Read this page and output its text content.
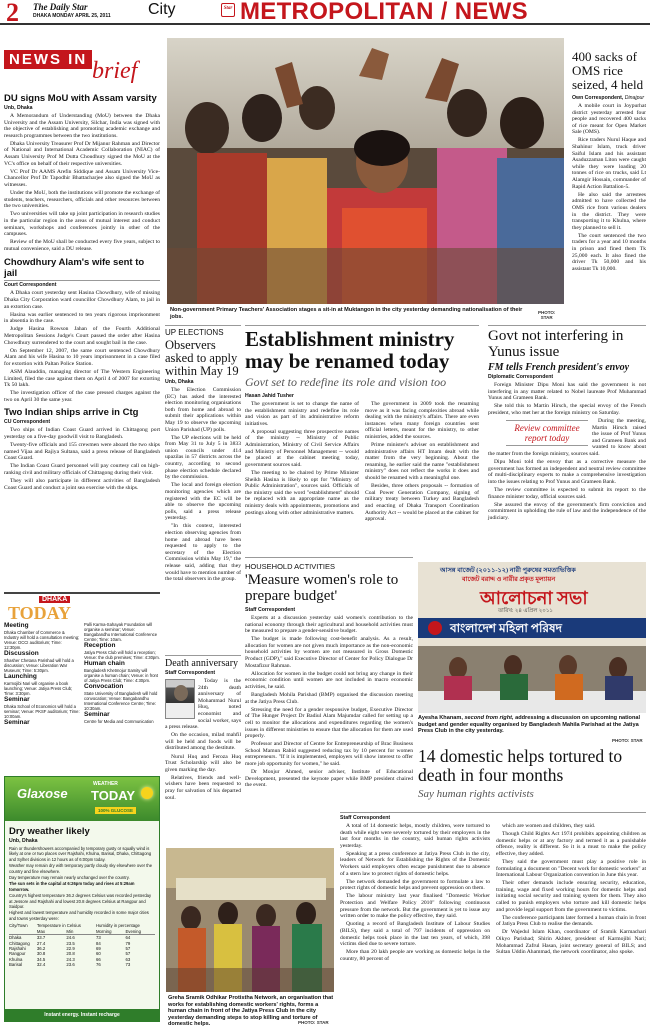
2 The Daily Star
DHAKA MONDAY APRIL 25, 2011 City	Star METROPOLITAN / NEWS
NEWS IN brief
DU signs MoU with Assam varsity
Unb, Dhaka

A Memorandum of Understanding (MoU) between the Dhaka University and the Assam University, Silchar, India was signed with the objective of establishing and promoting academic exchange and research programmes between the two institutions.

Dhaka University Treasurer Prof Dr Mijanur Rahman and Director of National and International Academic Collaboration (NIAC) of Assam University Prof M Dutta Choudhury signed the MoU at the VC's office on behalf of their respective universities.

VC Prof Dr AAMS Arefin Siddique and Assam University Vice-Chancellor Prof Dr Tapodhir Bhattacharjee also signed the MoU as witnesses.

Under the MoU, both the institutions will promote the exchange of students, teachers, researchers, officials and other resources between the two universities.

Two universities will take up joint participation in research studies in the particular region in the areas of mutual interest and conduct seminars, workshops and conferences jointly in other of the campuses.

Review of the MoU shall be conducted every five years, subject to mutual convenience, said a DU release.

Chowdhury Alam's wife sent to jail
Court Correspondent

A Dhaka court yesterday sent Hasina Chowdhury, wife of missing Dhaka City Corporation ward councillor Chowdhury Alam, to jail in an extortion case.

Hasina was earlier sentenced to ten years rigorous imprisonment in absentia in the case.

Judge Hasina Rowson Jahan of the Fourth Additional Metropolitan Sessions Judge's Court passed the order after Hasina Chowdhury surrendered to the court and sought bail in the case.

On September 12, 2007, the same court sentenced Chowdhury Alam and his wife Hasina to 10 years imprisonment in a case filed for extortion with Paltan Police Station.

ASM Alauddin, managing director of The Western Engineering Limited, filed the case against them on April 4 of 2007 for extorting Tk 50 lakh.

The investigation officer of the case pressed charges against the two on April 30 the same year.

Two Indian ships arrive in Ctg
CU Correspondent

Two ships of Indian Coast Guard arrived in Chittagong port yesterday on a five-day goodwill visit to Bangladesh.

Twenty-five officials and 155 crewmen were aboard the two ships named Vijaa and Rajiya Sultana, said a press release of Bangladesh Coast Guard.

The Indian Coast Guard personnel will pay courtesy call on high-ranking civil and military officials of Chittagong during their visit.

They will also participate in different activities of Bangladesh Coast Guard and conduct a joint sea exercise with the ships.

DHAKA
TODAY
Meeting
Dhaka Chamber of Commerce & Industry will hold a consultation meeting; Venue: DCCI auditorium; Time: 12:30pm.
Discussion
Shasher Chetana Parishad will hold a discussion; Venue: Liberation War Museum; Time: 5:30pm.
Launching
Karmojibi Nari will organise a book launching; Venue: Jatiya Press Club; Time: 3:30pm.
Seminar
Dhaka School of Economics will hold a seminar; Venue: PKSF auditorium; Time: 10:00am.
Seminar
Palli Karma-Sahayak Foundation will organise a seminar; Venue: Bangabandhu International Conference Centre; Time: 10am.
Reception
Jatiya Press Club will hold a reception; Venue: the club premises; Time: 4:30pm.
Human chain
Bangladesh Khetmojur Samity will organise a human chain; Venue: in front of Jatiya Press Club; Time: 4:30pm.
Convocation
State University of Bangladesh will hold convocation; Venue: Bangabandhu International Conference Centre; Time: 10:30am.
Seminar
Centre for Media and Communication
Glaxose
WEATHER
TODAY
100% GLUCOSE
Dry weather likely
Unb, Dhaka

Rain or thundershowers accompanied by temporary gusty or squally wind is likely at one or two places over Rajshahi, Khulna, Barisal, Dhaka, Chittagong and Sylhet divisions in 12 hours as of 6:00pm today.

Weather may remain dry with temporary partly cloudy sky elsewhere over the country and fine elsewhere.

Day temperature may remain nearly unchanged over the country.

The sun sets in the capital at 6:26pm today and rises at 5:29am tomorrow.

Country's highest temperature 36.2 degrees Celsius was recorded yesterday at Jessore and Rajshahi and lowest 20.8 degrees Celsius at Rangpur and Saidpur.

Highest and lowest temperature and humidity recorded in some major cities and towns yesterday were:

City/Town	Temperature in Celsius		Humidity in percentage	
	Max	Min	Morning	Evening
Dhaka	33.7	24.6	73	64
Chittagong	27.4	23.5	84	79
Rajshahi	36.2	22.9	69	57
Rangpur	30.8	20.8	60	57
Khulna	34.5	24.3	66	63
Barisal	32.4	23.6	76	73
Instant energy. Instant recharge
Non-government Primary Teachers' Association stages a sit-in at Muktangon in the city yesterday demanding nationalisation of their jobs.
PHOTO:
STAR
400 sacks of OMS rice seized, 4 held
Own Correspondent, Dinajpur

A mobile court in Joypurhat district yesterday arrested four people and recovered 400 sacks of rice meant for Open Market Sale (OMS).

Rice traders Nurul Haque and Shahinur Islam, truck driver Saiful Islam and his assistant Asaduzzaman Liton were caught while they were loading 20 tonnes of rice on trucks, said Lt Alamgir Hossain, commander of Rapid Action Battalion-5.

He also said the arrestees admitted to have collected the OMS rice from various dealers in the district. They were transporting it to Khulna, where they planned to sell it.

The court sentenced the two traders for a year and 10 months in prison and fined them Tk 25,000 each. It also fined the driver Tk 50,000 and his assistant Tk 10,000.

UP ELECTIONS
Observers asked to apply within May 19
Unb, Dhaka

The Election Commission (EC) has asked the interested election monitoring organisations both from home and abroad to submit their applications within May 19 to observe the upcoming Union Parishad (UP) polls.

The UP elections will be held from May 31 to July 5 in 3833 union councils under 414 upazilas in 57 districts across the country, according to second phase election schedule declared by the commission.

The local and foreign election monitoring agencies which are registered with the EC will be able to observe the upcoming polls, said a press release yesterday.

"In this context, interested election observing agencies from home and abroad have been requested to apply to the secretary of the Election Commission within May 19," the release said, adding that they would have to mention number of the total observers in the group.

Death anniversary
Staff Correspondent

Today is the 24th death anniversary of Mohammad Nurul Huq, noted economist and social worker, says a press release.

On the occasion, milad mahfil will be held and foods will be distributed among the destitute.

Nurul Huq and Feroza Huq Trust Scholarship will also be given marking the day.

Relatives, friends and well-wishers have been requested to pray for salvation of his departed soul.

Establishment ministry may be renamed today
Govt set to redefine its role and vision too
Hasan Jahid Tusher

The government is set to change the name of the establishment ministry and redefine its role and vision as part of its administrative reform initiatives.

A proposal suggesting three prospective names of the ministry -- Ministry of Public Administration, Ministry of Civil Service Affairs and Ministry of Personnel Management -- would be placed at the cabinet meeting today, government sources said.

The meeting to be chaired by Prime Minister Sheikh Hasina is likely to opt for "Ministry of Public Administration", sources said. Officials of the ministry said the word "establishment" should be replaced with an appropriate name as the ministry deals with appointments, promotions and postings along with other administrative matters.

The government in 2009 took the renaming move as it was facing complexities abroad while dealing with the ministry's affairs. There are even instances when many foreign countries sent official letters, meant for the ministry, to other ministries, added the sources.

Prime minister's adviser on establishment and administrative affairs HT Imam dealt with the matter from the very beginning. About the renaming, he earlier said the name "establishment ministry" does not reflect the works it does and should be renamed with a meaningful one.

Besides, three others proposals -- formation of Coal Power Generation Company, signing of military treaty between Turkey and Bangladesh and enacting of Dhaka Transport Coordination Authority Act -- would be placed at the cabinet for approval.

Govt not interfering in Yunus issue
FM tells French president's envoy
Diplomatic Correspondent

Foreign Minister Dipu Moni has said the government is not interfering in any matter related to Nobel laureate Prof Muhammad Yunus and Grameen Bank.

She told this to Martin Hirsch, the special envoy of the French president, who met her at the foreign ministry on Saturday.

Review committee report today

During the meeting, Martin Hirsch raised the issue of Prof Yunus and Grameen Bank and wanted to know about the matter from the foreign ministry, sources said.

Dipu Moni told the envoy that as a corrective measure the government has formed an independent and neutral review committee of multi-disciplinary experts to make a comprehensive investigation into the issues relating to Prof Yunus and Grameen Bank.

The review committee is expected to submit its report to the finance minister today, official sources said.

She assured the envoy of the government's firm conviction and commitment in upholding the rule of law and the independence of the judiciary.

HOUSEHOLD ACTIVITIES
'Measure women's role to prepare budget'
Staff Correspondent

Experts at a discussion yesterday said women's contribution to the national economy through their agricultural and household activities must be measured to prepare a gender-sensitive budget.

The budget is made following cost-benefit analysis. As a result, allocation for women are not given much importance as the non-economic household activities by women are not measured in Gross Domestic Product (GDP)," said Executive Director of Center for Policy Dialogue Dr Mostafizur Rahman.

Allocation for women in the budget could not bring any change in their economic condition until women are not included in macro economic activities, he said.

Bangladesh Mohila Parishad (BMP) organised the discussion meeting at the Jatiya Press Club.

Stressing the need for a gender responsive budget, Executive Director of The Hunger Project Dr Badiul Alam Majumdar called for setting up a cell to monitor the allocations and expenditures regarding the women's issues in different ministries to ensure that the allocation for them are used properly.

Professor and Director of Centre for Entrepreneurship of Brac Business School Mamun Rabid suggested reducing tax by 10 percent for women entrepreneurs. "If it is implemented, employers will show interest to offer more job opportunity for women," he said.

Dr Monjur Ahmed, senior adviser, Institute of Educational Development, presented the keynote paper while BMP president chaired the event.

আসন্ন বাজেট (২০১১-১২) নারী পুরুষের সমতাভিত্তিক
বাজেট বরাদ্দ ও নারীর প্রকৃত মূল্যায়ন
আলোচনা সভা
তারিখ: ২৪ এপ্রিল ২০১১
বাংলাদেশ মহিলা পরিষদ
Ayesha Khanam, second from right, addressing a discussion on upcoming national budget and gender equality organised by Bangladesh Mahila Parishad at the Jatiya Press Club in the city yesterday.
PHOTO: STAR
14 domestic helps tortured to death in four months
Say human rights activists
Staff Correspondent

A total of 14 domestic helps, mostly children, were tortured to death while eight were severely tortured by their employers in the last four months in the country, said human rights activists yesterday.

Speaking at a press conference at Jatiya Press Club in the city, leaders of Network for Establishing the Rights of the Domestic Workers said employers often escape punishment due to absence of a stern law to protect rights of domestic helps.

The network demanded the government to formulate a law to protect rights of domestic helps and prevent oppression on them.

The labour ministry last year finalised "Domestic Worker Protection and Welfare Policy 2010" following continuous pressure from the network. But the government is yet to issue any written order to make the policy effective, they said.

Quoting a record of Bangladesh Institute of Labour Studies (BILS), they said a total of 797 incidents of oppression on domestic helps took place in the last ten years, of which, 398 victims died due to severe torture.

More than 20 lakh people are working as domestic helps in the country, 80 percent of

which are women and children, they said.

Though Child Rights Act 1974 prohibits appointing children as domestic helps or at any factory and termed it as a punishable offence, reality is different. So it is a must to make the policy effective, they added.

They said the government must play a positive role in formulating a document on "Decent work for domestic workers" at International Labour Organization convention in June this year.

Their other demands include ensuring security, education, training, wage and fixed working hours for domestic helps and initiating social security and training system for them. They also called to punish employers who torture and kill domestic helps and provide legal support from the government to victims.

The conference participants later formed a human chain in front of Jatiya Press Club to realise the demands.

Dr Wajedul Islam Khan, coordinator of Sramik Karmachari Oikyo Parishad; Shirin Akhter, president of Karmojibi Nari; Mohammad Zafrul Hasan, joint secretary general of BILS; and Sultan Uddin Ahammad, the network coordinator, also spoke.

Greha Sramik Odhikar Protistha Network, an organisation that works for establishing domestic workers' rights, forms a human chain in front of the Jatiya Press Club in the city yesterday demanding steps to stop killing and torture of domestic helps.	PHOTO: STAR
